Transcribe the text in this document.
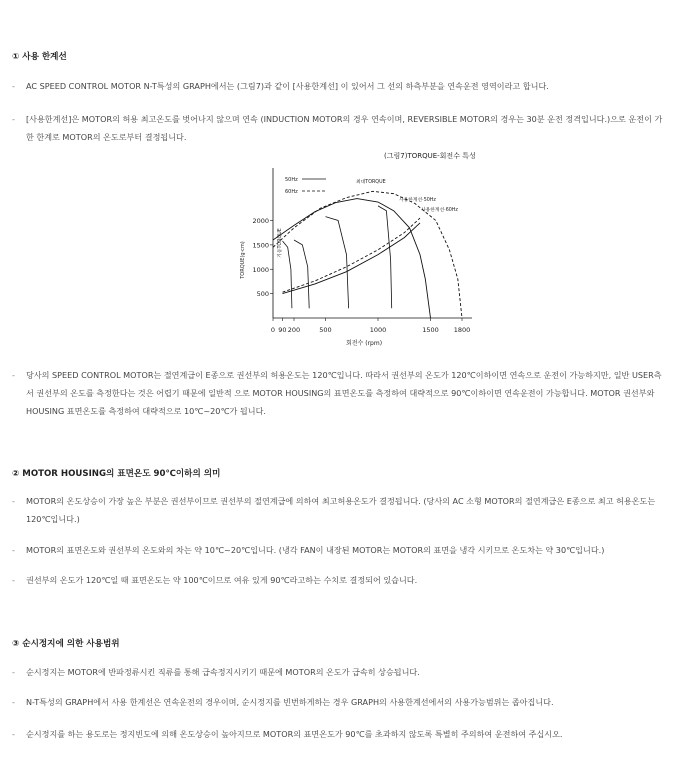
① 사용 한계선
- AC SPEED CONTROL MOTOR N-T특성의 GRAPH에서는 (그림7)과 같이 [사용한계선] 이 있어서 그 선의 하측부분을 연속운전 영역이라고 합니다.
- [사용한계선]은 MOTOR의 허용 최고온도를 벗어나지 않으며 연속 (INDUCTION MOTOR의 경우 연속이며, REVERSIBLE MOTOR의 경우는 30분 운전 정격입니다.)으로 운전이 가
한 한계로 MOTOR의 온도로부터 결정됩니다.
- 당사의 SPEED CONTROL MOTOR는 절연계급이 E종으로 권선부의 허용온도는 120℃입니다. 따라서 권선부의 온도가 120℃이하이면 연속으로 운전이 가능하지만, 일반 USER측
서 권선부의 온도를 측정한다는 것은 어렵기 때문에 일반적 으로 MOTOR HOUSING의 표면온도를 측정하여 대략적으로 90℃이하이면 연속운전이 가능합니다. MOTOR 권선부와
HOUSING 표면온도를 측정하여 대략적으로 10℃~20℃가 됩니다.
② MOTOR HOUSING의 표면온도 90℃이하의 의미
- MOTOR의 온도상승이 가장 높은 부분은 권선부이므로 권선부의 절연계급에 의하여 최고허용온도가 결정됩니다. (당사의 AC 소형 MOTOR의 절연계급은 E종으로 최고 허용온도는
120℃입니다.)
- MOTOR의 표면온도와 권선부의 온도와의 차는 약 10℃~20℃입니다. (냉각 FAN이 내장된 MOTOR는 MOTOR의 표면을 냉각 시키므로 온도차는 약 30℃입니다.)
- 권선부의 온도가 120℃일 때 표면온도는 약 100℃이므로 여유 있게 90℃라고하는 수치로 결정되어 있습니다.
③ 순시정지에 의한 사용범위
- 순시정지는 MOTOR에 반파정류시킨 직류를 통해 급속정지시키기 때문에 MOTOR의 온도가 급속히 상승됩니다.
- N-T특성의 GRAPH에서 사용 한계선은 연속운전의 경우이며, 순시정지를 빈번하게하는 경우 GRAPH의 사용한계선에서의 사용가능범위는 좁아집니다.
- 순시정지를 하는 용도로는 정지빈도에 의해 온도상승이 높아지므로 MOTOR의 표면온도가 90℃를 초과하지 않도록 특별히 주의하여 운전하여 주십시오.
(그림7)TORQUE-회전수 특성
50Hz
60Hz
500
1000
1500
2000
0 90 200	500	1000	1500 1800
TORQUE(g·cm)
회전수 (rpm)
최대TORQUE
사용한계선·50Hz
사용한계선·60Hz
기동TORQUE
